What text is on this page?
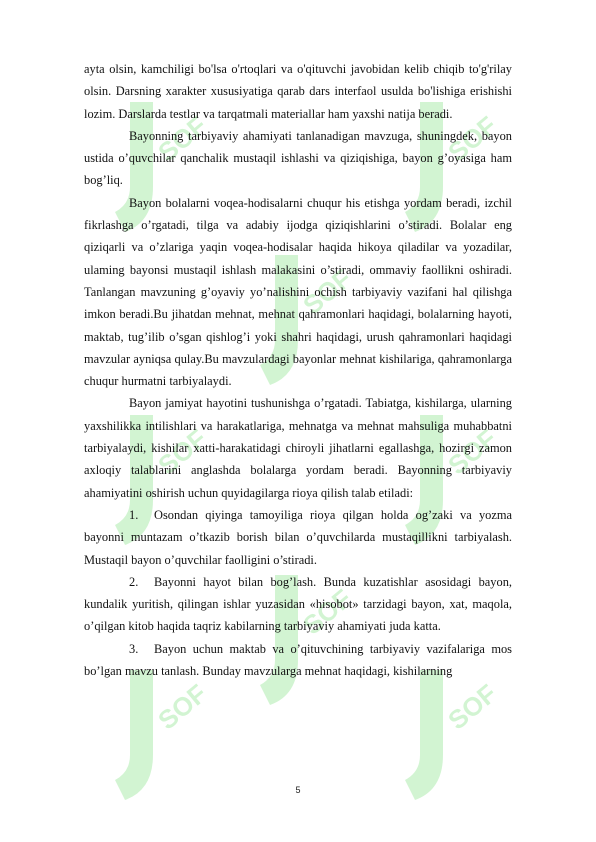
SOF	SOF
SOF
SOF	SOF
SOF
SOF	SOF

ayta olsin, kamchiligi bo'lsa o'rtoqlari va o'qituvchi javobidan kelib chiqib to'g'rilay olsin. Darsning xarakter xususiyatiga qarab dars interfaol usulda bo'lishiga erishishi lozim. Darslarda testlar va tarqatmali materiallar ham yaxshi natija beradi.

Bayonning tarbiyaviy ahamiyati tanlanadigan mavzuga, shuningdek, bayon ustida o’quvchilar qanchalik mustaqil ishlashi va qiziqishiga, bayon g’oyasiga ham bog’liq.

Bayon bolalarni voqea-hodisalarni chuqur his etishga yordam beradi, izchil fikrlashga o’rgatadi, tilga va adabiy ijodga qiziqishlarini o’stiradi. Bolalar eng qiziqarli va o’zlariga yaqin voqea-hodisalar haqida hikoya qiladilar va yozadilar, ulaming bayonsi mustaqil ishlash malakasini o’stiradi, ommaviy faollikni oshiradi. Tanlangan mavzuning g’oyaviy yo’nalishini ochish tarbiyaviy vazifani hal qilishga imkon beradi.Bu jihatdan mehnat, mehnat qahramonlari haqidagi, bolalarning hayoti, maktab, tug’ilib o’sgan qishlog’i yoki shahri haqidagi, urush qahramonlari haqidagi mavzular ayniqsa qulay.Bu mavzulardagi bayonlar mehnat kishilariga, qahramonlarga chuqur hurmatni tarbiyalaydi.

Bayon jamiyat hayotini tushunishga o’rgatadi. Tabiatga, kishilarga, ularning yaxshilikka intilishlari va harakatlariga, mehnatga va mehnat mahsuliga muhabbatni tarbiyalaydi, kishilar xatti-harakatidagi chiroyli jihatlarni egallashga, hozirgi zamon axloqiy talablarini anglashda bolalarga yordam beradi. Bayonning tarbiyaviy ahamiyatini oshirish uchun quyidagilarga rioya qilish talab etiladi:

1. Osondan qiyinga tamoyiliga rioya qilgan holda og’zaki va yozma bayonni muntazam o’tkazib borish bilan o’quvchilarda mustaqillikni tarbiyalash. Mustaqil bayon o’quvchilar faolligini o’stiradi.

2. Bayonni hayot bilan bog’lash. Bunda kuzatishlar asosidagi bayon, kundalik yuritish, qilingan ishlar yuzasidan «hisobot» tarzidagi bayon, xat, maqola, o’qilgan kitob haqida taqriz kabilarning tarbiyaviy ahamiyati juda katta.

3. Bayon uchun maktab va o’qituvchining tarbiyaviy vazifalariga mos bo’lgan mavzu tanlash. Bunday mavzularga mehnat haqidagi, kishilarning

5
